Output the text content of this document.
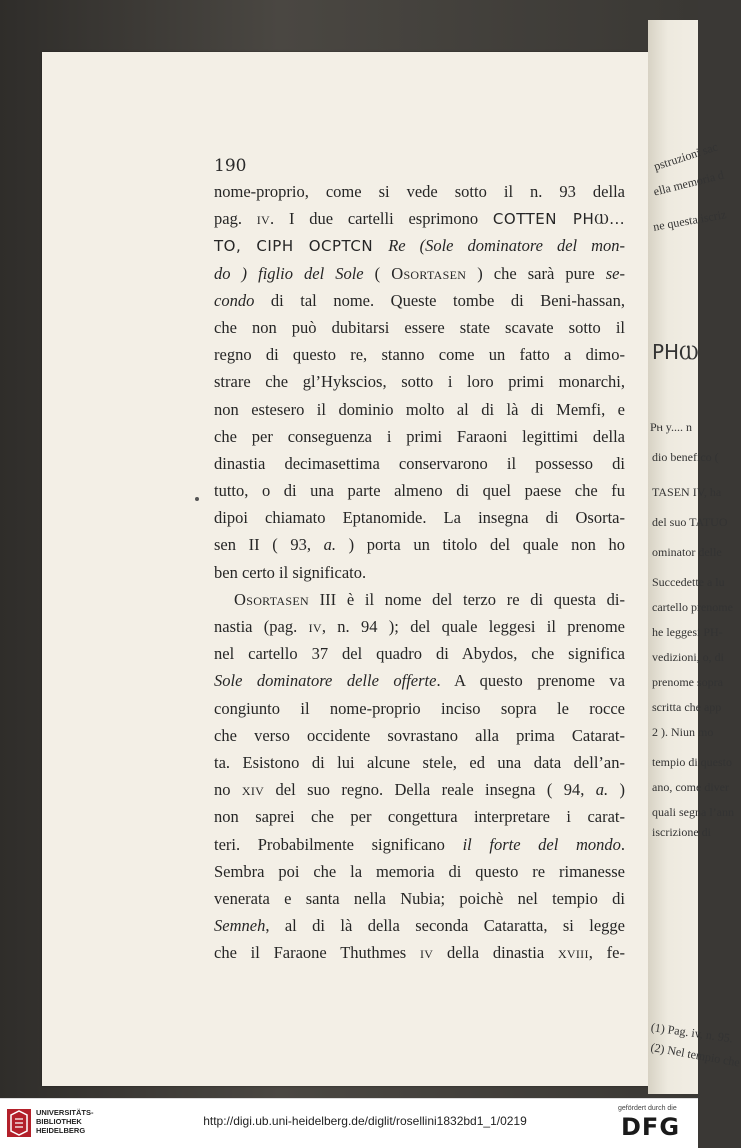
190
nome-proprio, come si vede sotto il n. 93 della
pag. iv. I due cartelli esprimono COTTEN PHⲰ...
TO, CIPH OCPTCN Re (Sole dominatore del mon-
do ) figlio del Sole ( Osortasen ) che sarà pure se-
condo di tal nome. Queste tombe di Beni-hassan,
che non può dubitarsi essere state scavate sotto il
regno di questo re, stanno come un fatto a dimo-
strare che gl’Hykscios, sotto i loro primi monarchi,
non estesero il dominio molto al di là di Memfi, e
che per conseguenza i primi Faraoni legittimi della
dinastia decimasettima conservarono il possesso di
tutto, o di una parte almeno di quel paese che fu
dipoi chiamato Eptanomide. La insegna di Osorta-
sen II ( 93, a. ) porta un titolo del quale non ho
ben certo il significato.
Osortasen III è il nome del terzo re di questa di-
nastia (pag. iv, n. 94 ); del quale leggesi il prenome
nel cartello 37 del quadro di Abydos, che significa
Sole dominatore delle offerte. A questo prenome va
congiunto il nome-proprio inciso sopra le rocce
che verso occidente sovrastano alla prima Catarat-
ta. Esistono di lui alcune stele, ed una data dell’an-
no xiv del suo regno. Della reale insegna ( 94, a. )
non saprei che per congettura interpretare i carat-
teri. Probabilmente significano il forte del mondo.
Sembra poi che la memoria di questo re rimanesse
venerata e santa nella Nubia; poichè nel tempio di
Semneh, al di là della seconda Cataratta, si legge
che il Faraone Thuthmes iv della dinastia xviii, fe-
pstruzioni sac
ella memoria d
ne questa iscriz
PHⲰ
Pⲏ y.... n
dio benefico (
TASEN IV, ha
del suo TATUO
ominator delle
Succedette a lu
cartello prenome
he leggesi PH-
vedizioni, o, di
prenome sopra
scritta che app
2 ). Niun mo
tempio di questo
ano, come diver
quali segna l’ann
iscrizione di
(1) Pag. iv, n. 95.
(2) Nel tempio che
UNIVERSITÄTS-
BIBLIOTHEK
HEIDELBERG
http://digi.ub.uni-heidelberg.de/diglit/rosellini1832bd1_1/0219
gefördert durch die
DFG
